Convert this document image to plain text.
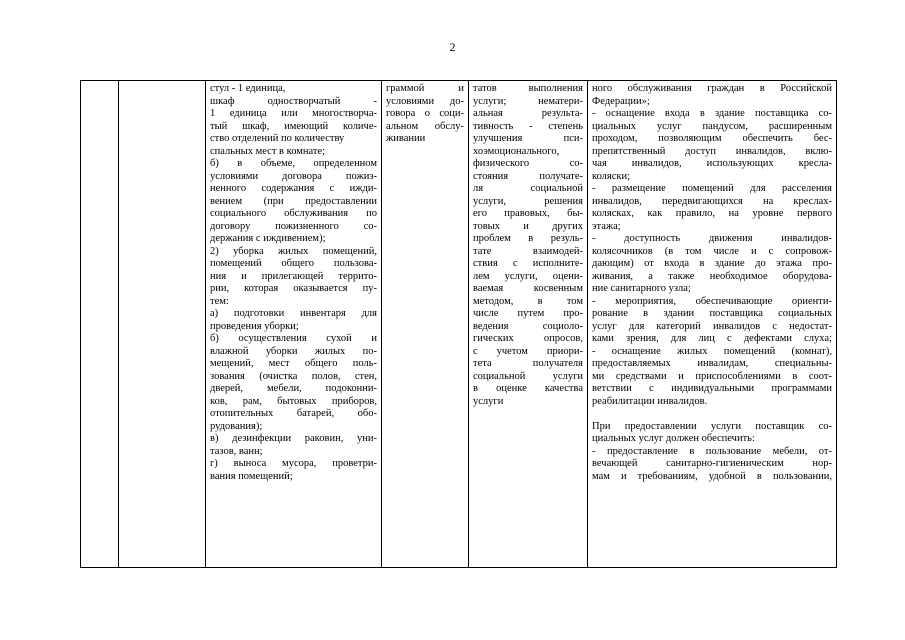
2

стул - 1 единица,
шкаф одностворчатый -
1 единица или многостворча-
тый шкаф, имеющий количе-
ство отделений по количеству
спальных мест в комнате;
б) в объеме, определенном
условиями договора пожиз-
ненного содержания с ижди-
вением (при предоставлении
социального обслуживания по
договору пожизненного со-
держания с иждивением);
2) уборка жилых помещений,
помещений общего пользова-
ния и прилегающей террито-
рии, которая оказывается пу-
тем:
а) подготовки инвентаря для
проведения уборки;
б) осуществления сухой и
влажной уборки жилых по-
мещений, мест общего поль-
зования (очистка полов, стен,
дверей, мебели, подоконни-
ков, рам, бытовых приборов,
отопительных батарей, обо-
рудования);
в) дезинфекции раковин, уни-
тазов, ванн;
г) выноса мусора, проветри-
вания помещений;

граммой и
условиями до-
говора о соци-
альном обслу-
живании

татов выполнения
услуги; нематери-
альная результа-
тивность - степень
улучшения пси-
хоэмоционального,
физического со-
стояния получате-
ля социальной
услуги, решения
его правовых, бы-
товых и других
проблем в резуль-
тате взаимодей-
ствия с исполните-
лем услуги, оцени-
ваемая косвенным
методом, в том
числе путем про-
ведения социоло-
гических опросов,
с учетом приори-
тета получателя
социальной услуги
в оценке качества
услуги

ного обслуживания граждан в Российской
Федерации»;
- оснащение входа в здание поставщика со-
циальных услуг пандусом, расширенным
проходом, позволяющим обеспечить бес-
препятственный доступ инвалидов, вклю-
чая инвалидов, использующих кресла-
коляски;
- размещение помещений для расселения
инвалидов, передвигающихся на креслах-
колясках, как правило, на уровне первого
этажа;
- доступность движения инвалидов-
колясочников (в том числе и с сопровож-
дающим) от входа в здание до этажа про-
живания, а также необходимое оборудова-
ние санитарного узла;
- мероприятия, обеспечивающие ориенти-
рование в здании поставщика социальных
услуг для категорий инвалидов с недостат-
ками зрения, для лиц с дефектами слуха;
- оснащение жилых помещений (комнат),
предоставляемых инвалидам, специальны-
ми средствами и приспособлениями в соот-
ветствии с индивидуальными программами
реабилитации инвалидов.
При предоставлении услуги поставщик со-
циальных услуг должен обеспечить:
- предоставление в пользование мебели, от-
вечающей санитарно-гигиеническим нор-
мам и требованиям, удобной в пользовании,
